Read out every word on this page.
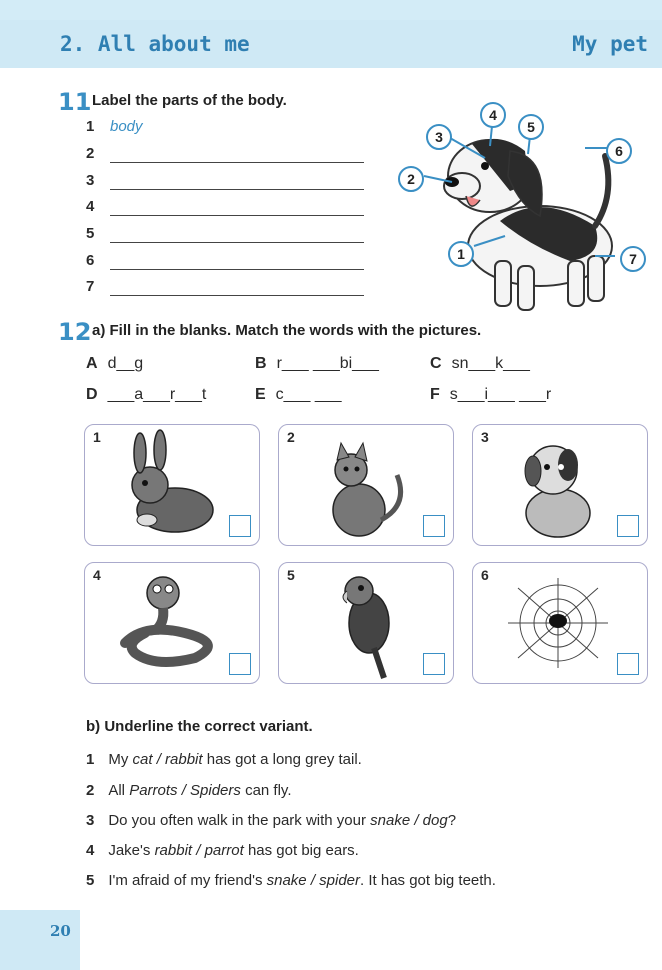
2. All about me	My pet
11 Label the parts of the body.
1 body
2
3
4
5
6
7
1
2
3
4
5
6
7
12 a) Fill in the blanks. Match the words with the pictures.
A d__g	B r___ ___bi___	C sn___k___
D ___a___r___t	E c___ ___	F s___i___ ___r
1	2	3
4	5	6
b) Underline the correct variant.
1 My cat / rabbit has got a long grey tail.
2 All Parrots / Spiders can fly.
3 Do you often walk in the park with your snake / dog?
4 Jake's rabbit / parrot has got big ears.
5 I'm afraid of my friend's snake / spider. It has got big teeth.
20
